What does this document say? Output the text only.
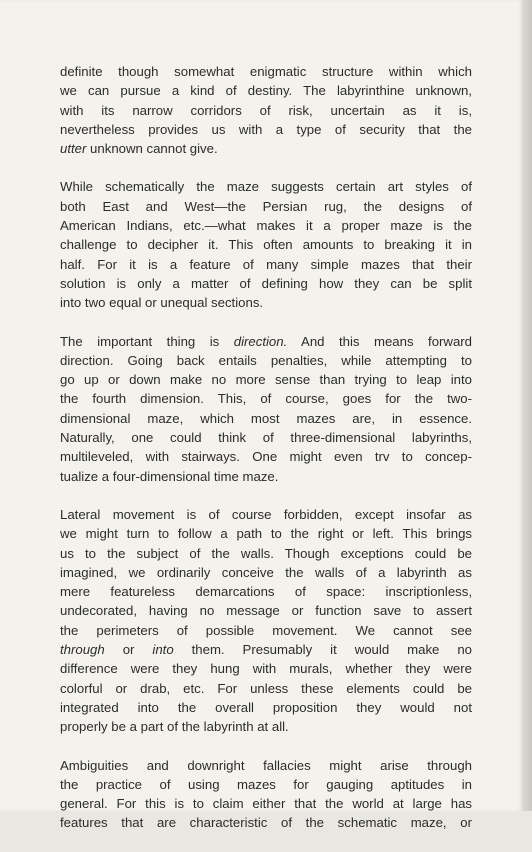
definite though somewhat enigmatic structure within which
we can pursue a kind of destiny. The labyrinthine unknown,
with its narrow corridors of risk, uncertain as it is,
nevertheless provides us with a type of security that the
utter unknown cannot give.
While schematically the maze suggests certain art styles of
both East and West—the Persian rug, the designs of
American Indians, etc.—what makes it a proper maze is the
challenge to decipher it. This often amounts to breaking it in
half. For it is a feature of many simple mazes that their
solution is only a matter of defining how they can be split
into two equal or unequal sections.
The important thing is direction. And this means forward
direction. Going back entails penalties, while attempting to
go up or down make no more sense than trying to leap into
the fourth dimension. This, of course, goes for the two-
dimensional maze, which most mazes are, in essence.
Naturally, one could think of three-dimensional labyrinths,
multileveled, with stairways. One might even trv to concep-
tualize a four-dimensional time maze.
Lateral movement is of course forbidden, except insofar as
we might turn to follow a path to the right or left. This brings
us to the subject of the walls. Though exceptions could be
imagined, we ordinarily conceive the walls of a labyrinth as
mere featureless demarcations of space: inscriptionless,
undecorated, having no message or function save to assert
the perimeters of possible movement. We cannot see
through or into them. Presumably it would make no
difference were they hung with murals, whether they were
colorful or drab, etc. For unless these elements could be
integrated into the overall proposition they would not
properly be a part of the labyrinth at all.
Ambiguities and downright fallacies might arise through
the practice of using mazes for gauging aptitudes in
general. For this is to claim either that the world at large has
features that are characteristic of the schematic maze, or
